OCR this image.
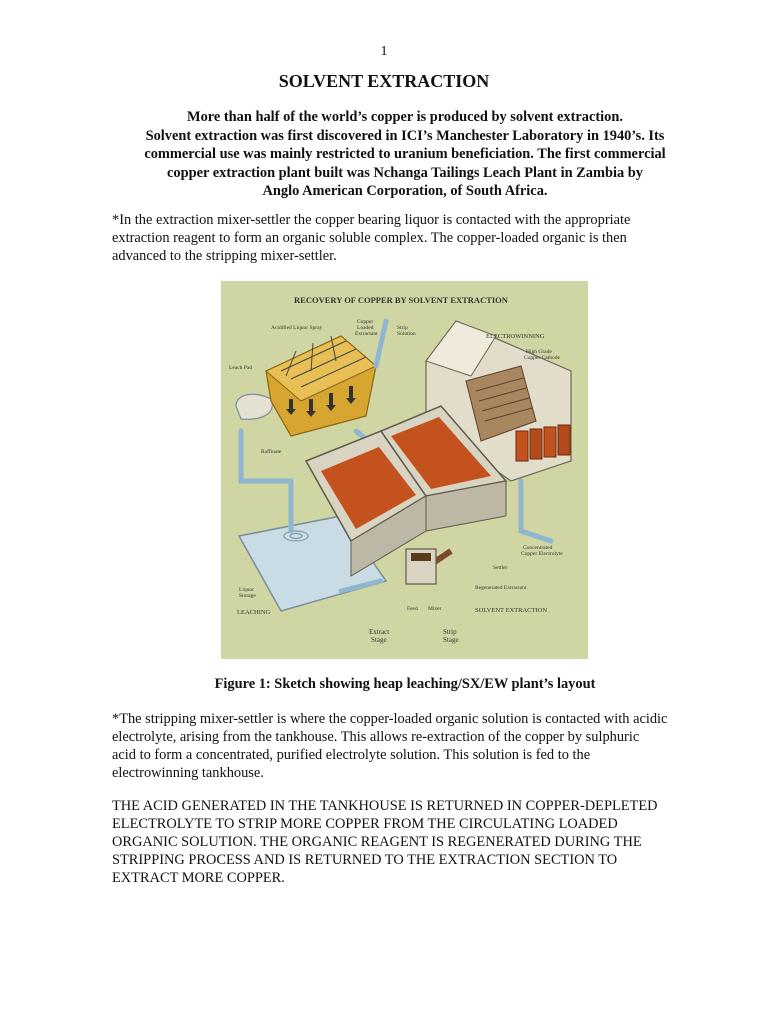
1
SOLVENT EXTRACTION
More than half of the world’s copper is produced by solvent extraction.
Solvent extraction was first discovered in ICI’s Manchester Laboratory in 1940’s. Its
commercial use was mainly restricted to uranium beneficiation. The first commercial
copper extraction plant built was Nchanga Tailings Leach Plant in Zambia by
Anglo American Corporation, of South Africa.
*In the extraction mixer-settler the copper bearing liquor is contacted with the appropriate
extraction reagent to form an organic soluble complex. The copper-loaded organic is then
advanced to the stripping mixer-settler.
RECOVERY OF COPPER BY SOLVENT EXTRACTION
Acidified Liquor Spray
Copper
Loaded
Extractant
Strip
Solution	ELECTROWINNING
High Grade
Copper Cathode
Leach Pad
Raffinate
Concentrated
Copper Electrolyte
Settler
Regenerated Extractant
Liquor
Storage
LEACHING	Feed Mixer	SOLVENT EXTRACTION
Extract
Stage
Strip
Stage
Figure 1: Sketch showing heap leaching/SX/EW plant’s layout
*The stripping mixer-settler is where the copper-loaded organic solution is contacted with acidic
electrolyte, arising from the tankhouse. This allows re-extraction of the copper by sulphuric
acid to form a concentrated, purified electrolyte solution. This solution is fed to the
electrowinning tankhouse.
THE ACID GENERATED IN THE TANKHOUSE IS RETURNED IN COPPER-DEPLETED
ELECTROLYTE TO STRIP MORE COPPER FROM THE CIRCULATING LOADED
ORGANIC SOLUTION. THE ORGANIC REAGENT IS REGENERATED DURING THE
STRIPPING PROCESS AND IS RETURNED TO THE EXTRACTION SECTION TO
EXTRACT MORE COPPER.
